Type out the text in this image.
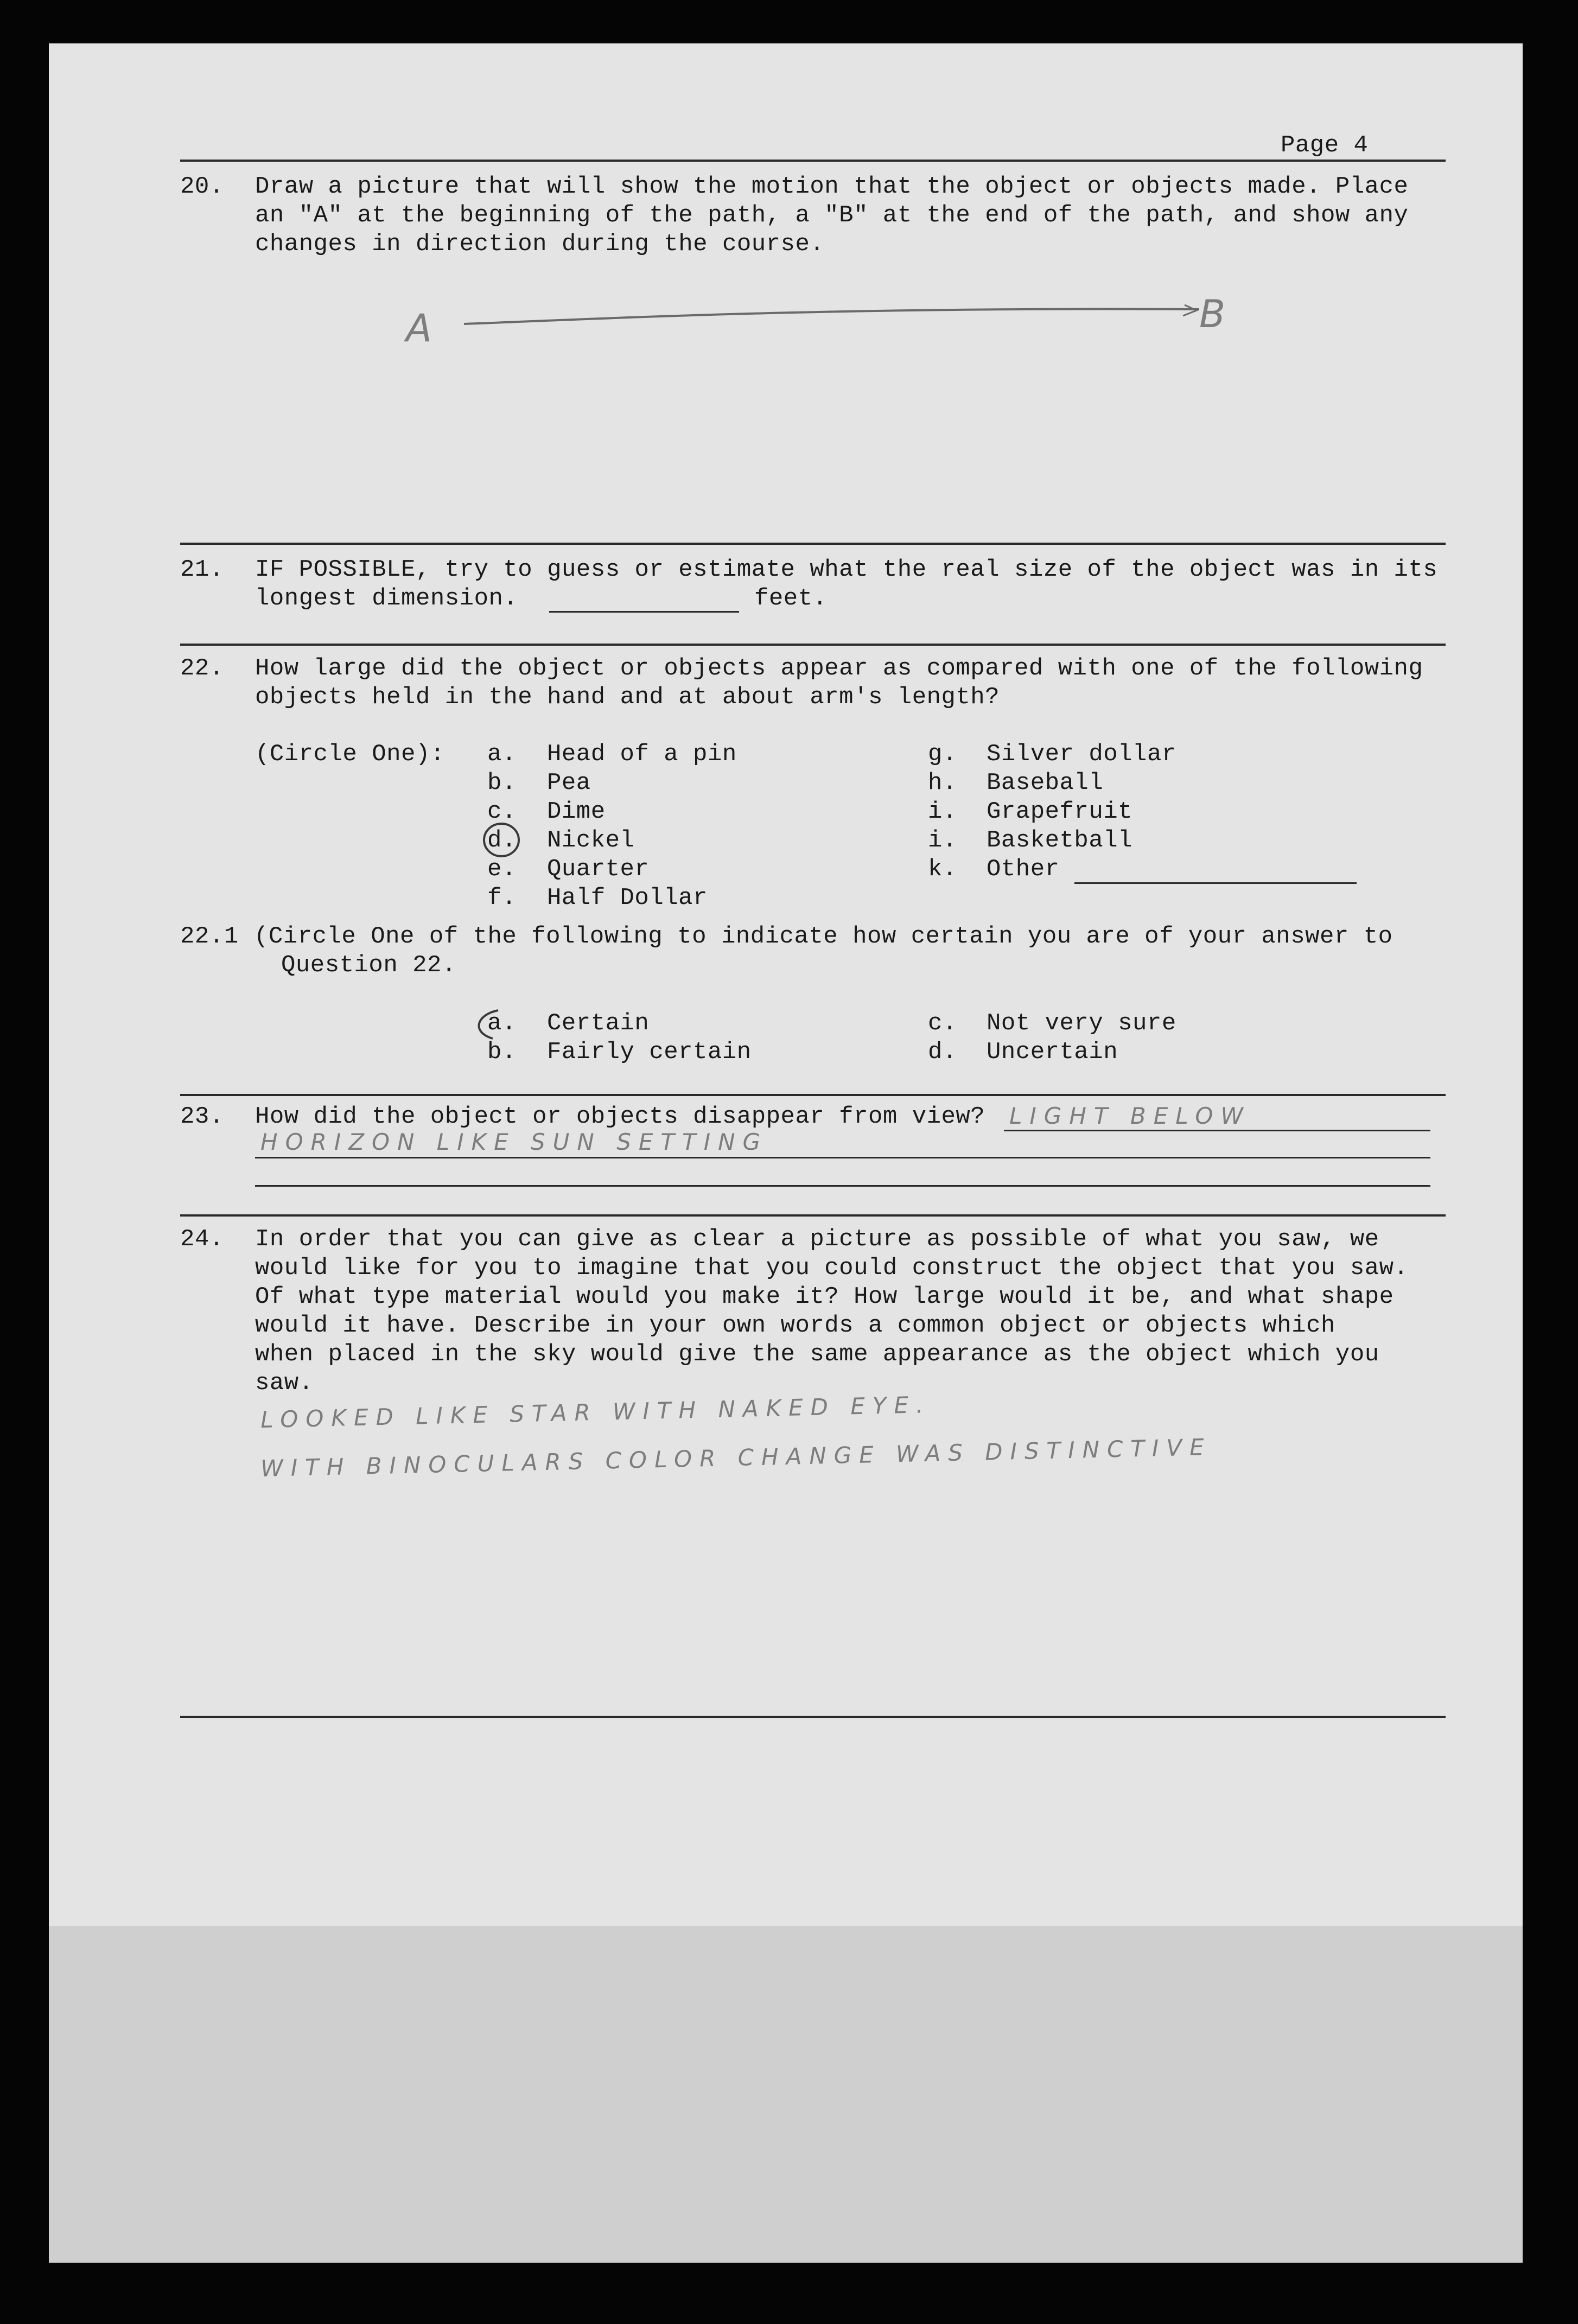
Page 4
20. Draw a picture that will show the motion that the object or objects made. Place
an "A" at the beginning of the path, a "B" at the end of the path, and show any
changes in direction during the course.
A	B
21. IF POSSIBLE, try to guess or estimate what the real size of the object was in its
longest dimension.	feet.
22. How large did the object or objects appear as compared with one of the following
objects held in the hand and at about arm's length?
(Circle One): a. Head of a pin
b. Pea
c. Dime
d. Nickel
e. Quarter
f. Half Dollar
g. Silver dollar
h. Baseball
i. Grapefruit
i. Basketball
k. Other
22.1 (Circle One of the following to indicate how certain you are of your answer to
Question 22.
a. Certain
b. Fairly certain
c. Not very sure
d. Uncertain
23. How did the object or objects disappear from view? LIGHT BELOW
HORIZON LIKE SUN SETTING
24. In order that you can give as clear a picture as possible of what you saw, we
would like for you to imagine that you could construct the object that you saw.
Of what type material would you make it? How large would it be, and what shape
would it have. Describe in your own words a common object or objects which
when placed in the sky would give the same appearance as the object which you
saw.
LOOKED LIKE STAR WITH NAKED EYE.
WITH BINOCULARS COLOR CHANGE WAS DISTINCTIVE
